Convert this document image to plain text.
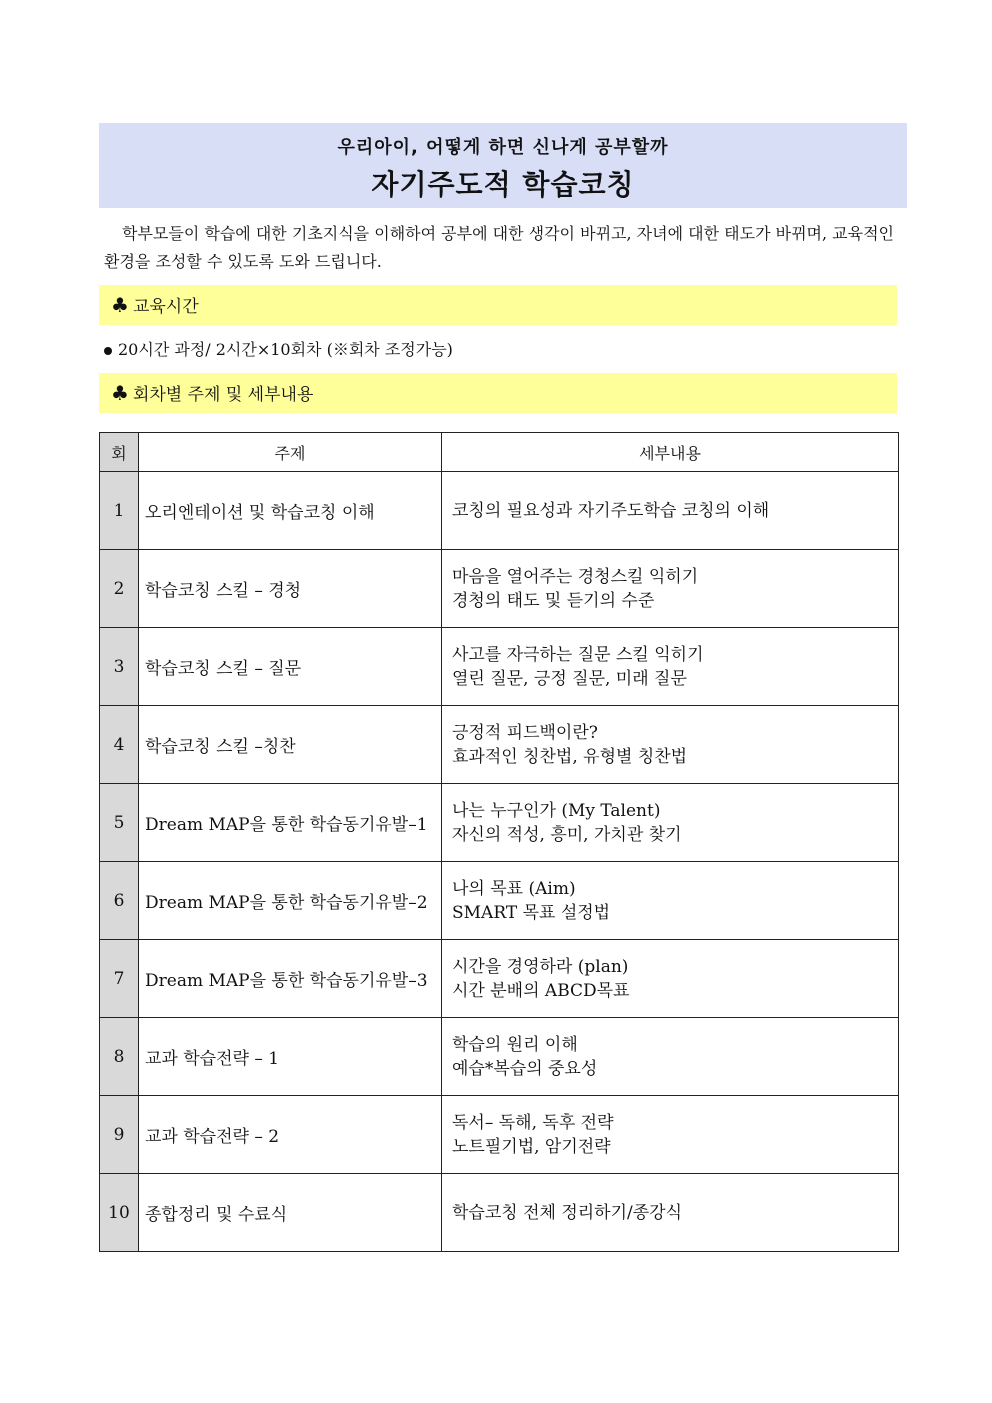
우리아이, 어떻게 하면 신나게 공부할까
자기주도적 학습코칭
학부모들이 학습에 대한 기초지식을 이해하여 공부에 대한 생각이 바뀌고, 자녀에 대한 태도가 바뀌며, 교육적인 환경을 조성할 수 있도록 도와 드립니다.
♣ 교육시간
20시간 과정/ 2시간×10회차 (※회차 조정가능)
♣ 회차별 주제 및 세부내용
회	주제	세부내용
1	오리엔테이션 및 학습코칭 이해	코칭의 필요성과 자기주도학습 코칭의 이해

2	학습코칭 스킬 – 경청	마음을 열어주는 경청스킬 익히기
경청의 태도 및 듣기의 수준

3	학습코칭 스킬 – 질문	사고를 자극하는 질문 스킬 익히기
열린 질문, 긍정 질문, 미래 질문

4	학습코칭 스킬 –칭찬	긍정적 피드백이란?
효과적인 칭찬법, 유형별 칭찬법

5	Dream MAP을 통한 학습동기유발–1	나는 누구인가 (My Talent)
자신의 적성, 흥미, 가치관 찾기

6	Dream MAP을 통한 학습동기유발–2	나의 목표 (Aim)
SMART 목표 설정법

7	Dream MAP을 통한 학습동기유발–3	시간을 경영하라 (plan)
시간 분배의 ABCD목표

8	교과 학습전략 – 1	학습의 원리 이해
예습*복습의 중요성

9	교과 학습전략 – 2	독서– 독해, 독후 전략
노트필기법, 암기전략

10	종합정리 및 수료식	학습코칭 전체 정리하기/종강식
